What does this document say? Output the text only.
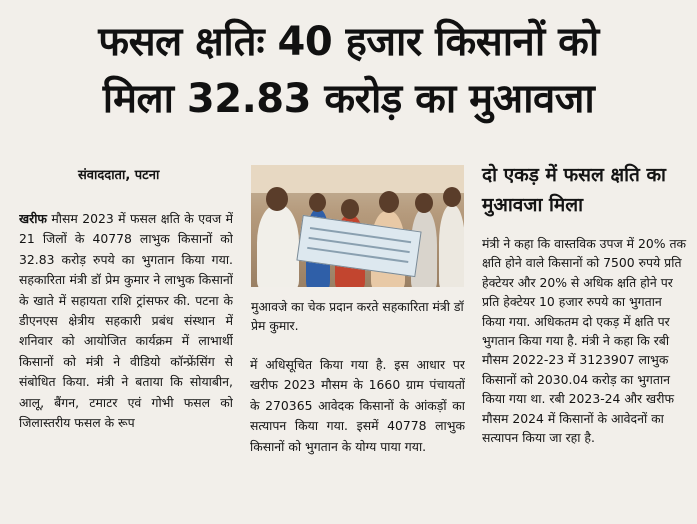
फसल क्षतिः 40 हजार किसानों को
मिला 32.83 करोड़ का मुआवजा
संवाददाता, पटना
खरीफ मौसम 2023 में फसल क्षति के एवज में 21 जिलों के 40778 लाभुक किसानों को 32.83 करोड़ रुपये का भुगतान किया गया. सहकारिता मंत्री डॉ प्रेम कुमार ने लाभुक किसानों के खाते में सहायता राशि ट्रांसफर की. पटना के डीएनएस क्षेत्रीय सहकारी प्रबंध संस्थान में शनिवार को आयोजित कार्यक्रम में लाभार्थी किसानों को मंत्री ने वीडियो कॉन्फ्रेंसिंग से संबोधित किया. मंत्री ने बताया कि सोयाबीन, आलू, बैंगन, टमाटर एवं गोभी फसल को जिलास्तरीय फसल के रूप
मुआवजे का चेक प्रदान करते सहकारिता मंत्री डॉ प्रेम कुमार.
में अधिसूचित किया गया है. इस आधार पर खरीफ 2023 मौसम के 1660 ग्राम पंचायतों के 270365 आवेदक किसानों के आंकड़ों का सत्यापन किया गया. इसमें 40778 लाभुक किसानों को भुगतान के योग्य पाया गया.
दो एकड़ में फसल क्षति का मुआवजा मिला
मंत्री ने कहा कि वास्तविक उपज में 20% तक क्षति होने वाले किसानों को 7500 रुपये प्रति हेक्टेयर और 20% से अधिक क्षति होने पर प्रति हेक्टेयर 10 हजार रुपये का भुगतान किया गया. अधिकतम दो एकड़ में क्षति पर भुगतान किया गया है. मंत्री ने कहा कि रबी मौसम 2022-23 में 3123907 लाभुक किसानों को 2030.04 करोड़ का भुगतान किया गया था. रबी 2023-24 और खरीफ मौसम 2024 में किसानों के आवेदनों का सत्यापन किया जा रहा है.
